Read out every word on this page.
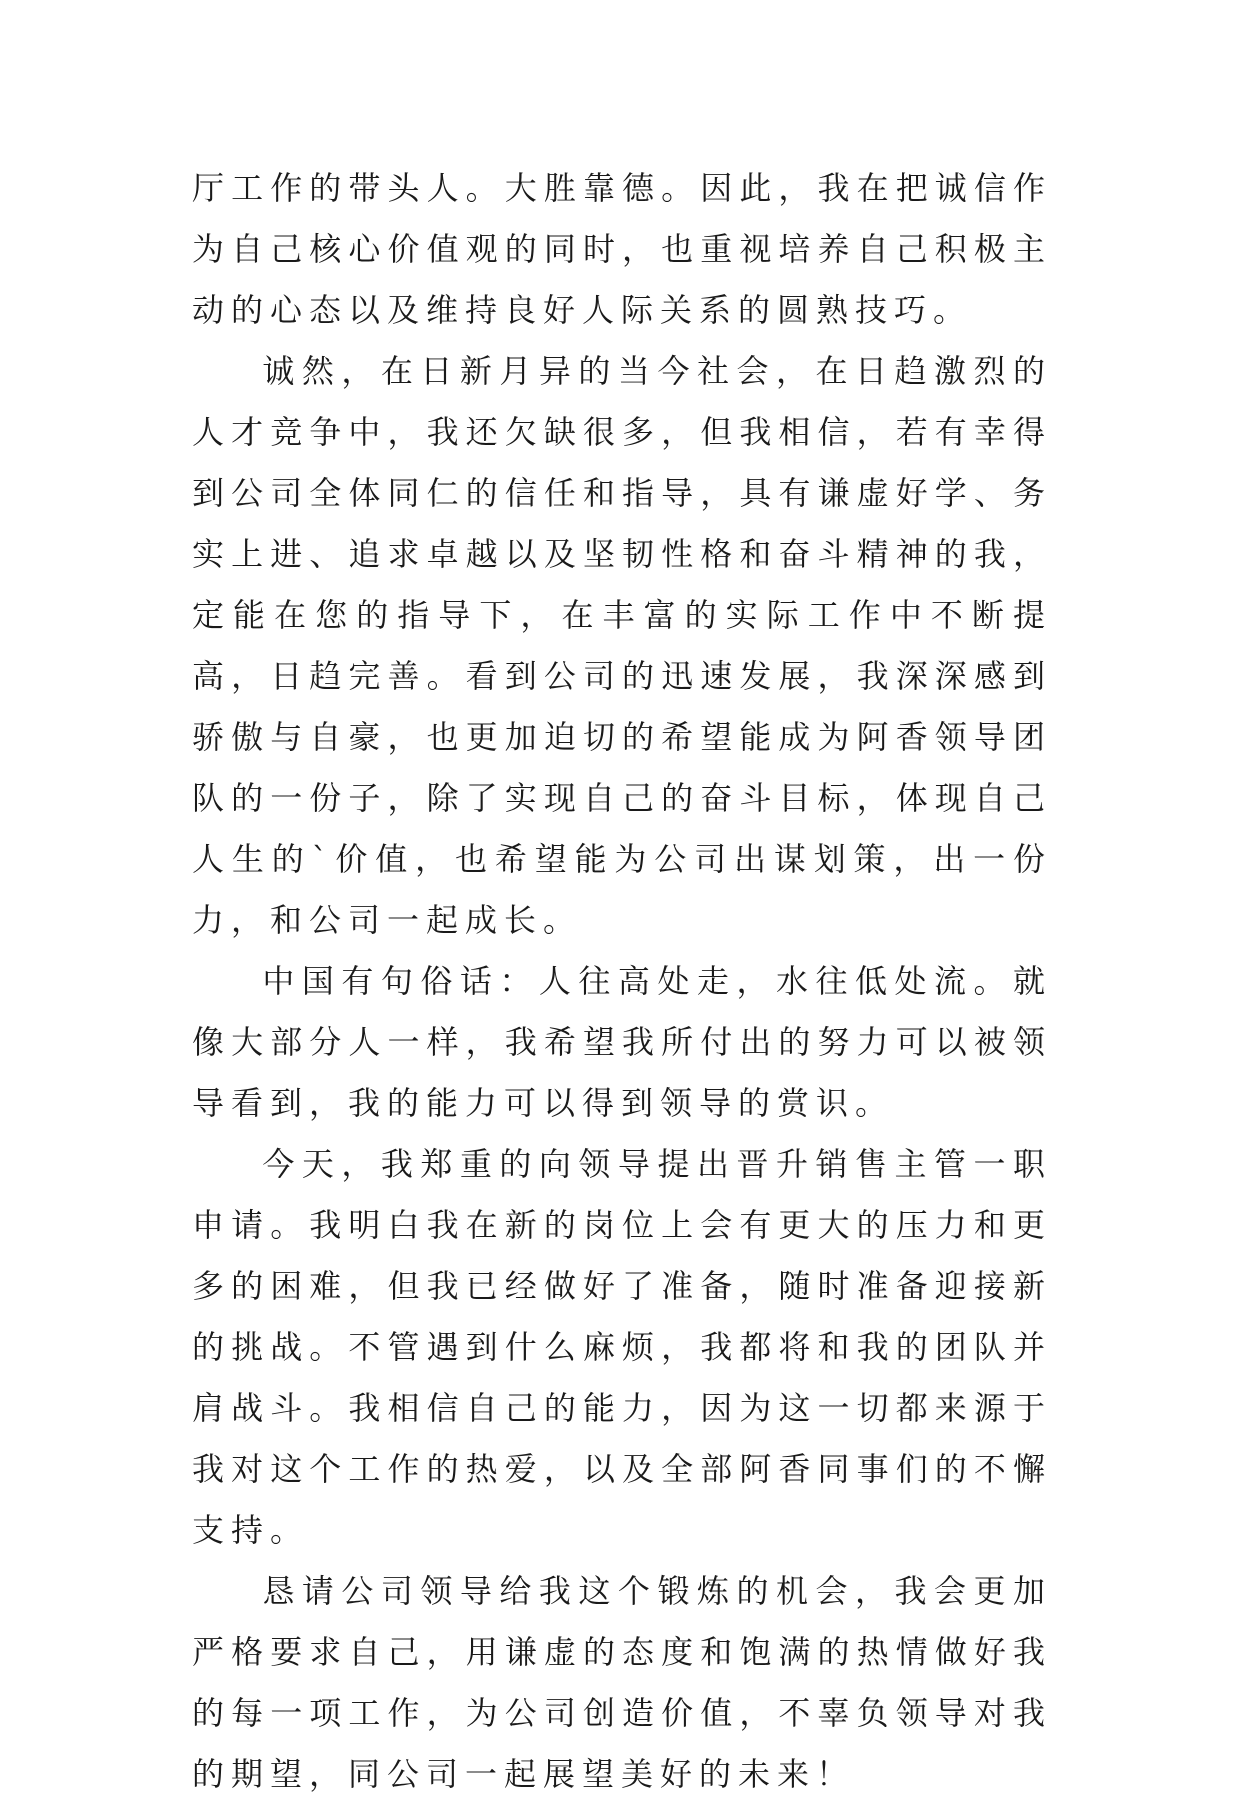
厅工作的带头人。大胜靠德。因此，我在把诚信作为自己核心价值观的同时，也重视培养自己积极主动的心态以及维持良好人际关系的圆熟技巧。

诚然，在日新月异的当今社会，在日趋激烈的人才竞争中，我还欠缺很多，但我相信，若有幸得到公司全体同仁的信任和指导，具有谦虚好学、务实上进、追求卓越以及坚韧性格和奋斗精神的我，定能在您的指导下，在丰富的实际工作中不断提高，日趋完善。看到公司的迅速发展，我深深感到骄傲与自豪，也更加迫切的希望能成为阿香领导团队的一份子，除了实现自己的奋斗目标，体现自己人生的`价值，也希望能为公司出谋划策，出一份力，和公司一起成长。

中国有句俗话：人往高处走，水往低处流。就像大部分人一样，我希望我所付出的努力可以被领导看到，我的能力可以得到领导的赏识。

今天，我郑重的向领导提出晋升销售主管一职申请。我明白我在新的岗位上会有更大的压力和更多的困难，但我已经做好了准备，随时准备迎接新的挑战。不管遇到什么麻烦，我都将和我的团队并肩战斗。我相信自己的能力，因为这一切都来源于我对这个工作的热爱，以及全部阿香同事们的不懈支持。

恳请公司领导给我这个锻炼的机会，我会更加严格要求自己，用谦虚的态度和饱满的热情做好我的每一项工作，为公司创造价值，不辜负领导对我的期望，同公司一起展望美好的未来！
